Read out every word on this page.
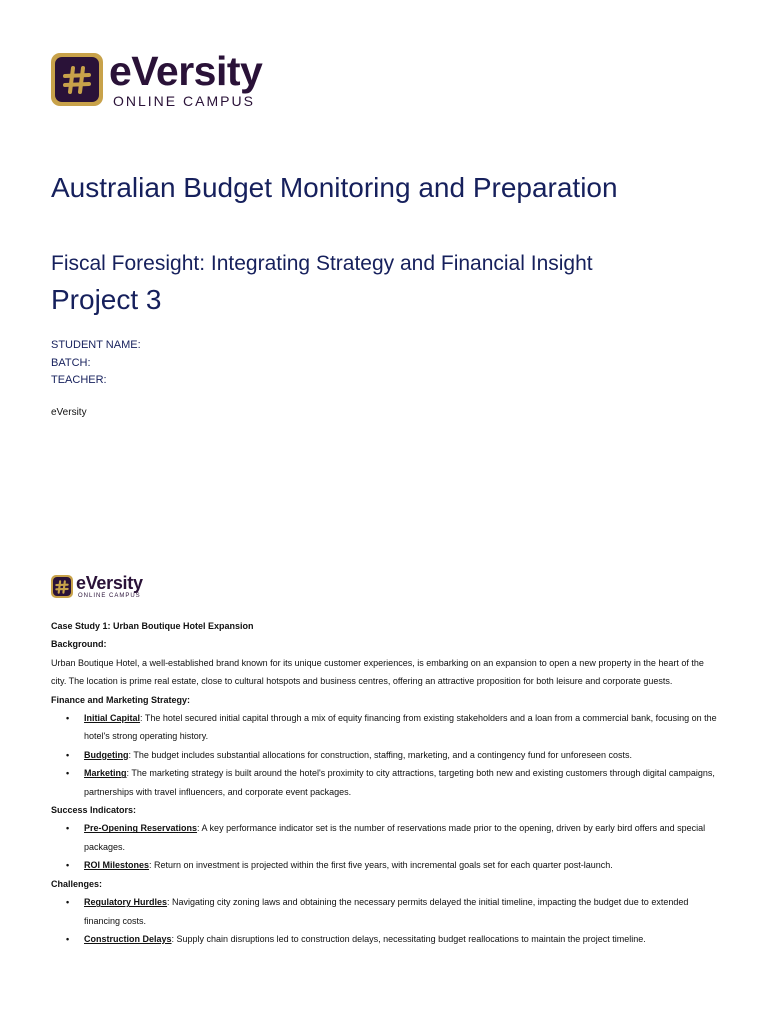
eVersity
ONLINE CAMPUS
Australian Budget Monitoring and Preparation
Fiscal Foresight: Integrating Strategy and Financial Insight
Project 3
STUDENT NAME:
BATCH:
TEACHER:
eVersity
eVersity
ONLINE CAMPUS

Case Study 1: Urban Boutique Hotel Expansion

Background:

Urban Boutique Hotel, a well-established brand known for its unique customer experiences, is embarking on an expansion to open a new property in the heart of the city. The location is prime real estate, close to cultural hotspots and business centres, offering an attractive proposition for both leisure and corporate guests.

Finance and Marketing Strategy:

• Initial Capital: The hotel secured initial capital through a mix of equity financing from existing stakeholders and a loan from a commercial bank, focusing on the hotel's strong operating history.
• Budgeting: The budget includes substantial allocations for construction, staffing, marketing, and a contingency fund for unforeseen costs.
• Marketing: The marketing strategy is built around the hotel's proximity to city attractions, targeting both new and existing customers through digital campaigns, partnerships with travel influencers, and corporate event packages.

Success Indicators:

• Pre-Opening Reservations: A key performance indicator set is the number of reservations made prior to the opening, driven by early bird offers and special packages.
• ROI Milestones: Return on investment is projected within the first five years, with incremental goals set for each quarter post-launch.

Challenges:

• Regulatory Hurdles: Navigating city zoning laws and obtaining the necessary permits delayed the initial timeline, impacting the budget due to extended financing costs.
• Construction Delays: Supply chain disruptions led to construction delays, necessitating budget reallocations to maintain the project timeline.
